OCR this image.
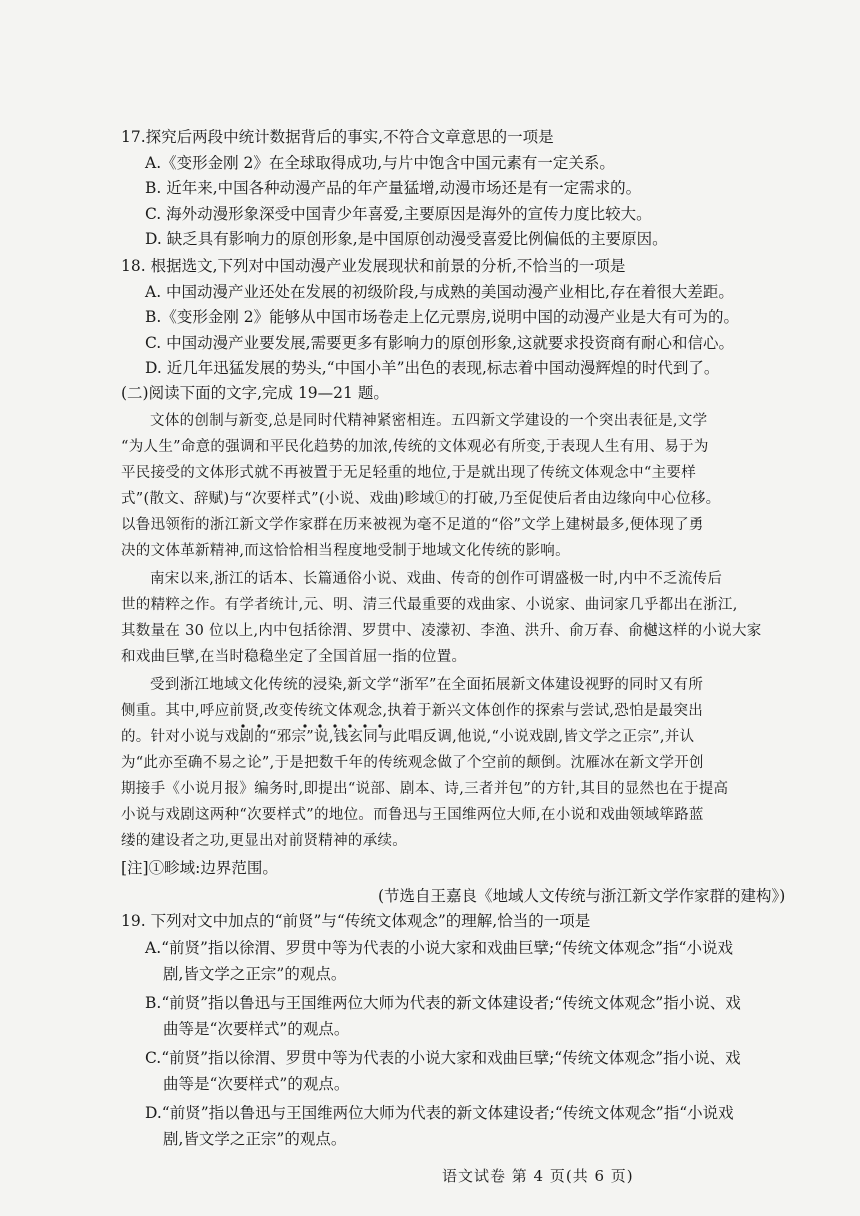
17.探究后两段中统计数据背后的事实,不符合文章意思的一项是
A.《变形金刚 2》在全球取得成功,与片中饱含中国元素有一定关系。
B. 近年来,中国各种动漫产品的年产量猛增,动漫市场还是有一定需求的。
C. 海外动漫形象深受中国青少年喜爱,主要原因是海外的宣传力度比较大。
D. 缺乏具有影响力的原创形象,是中国原创动漫受喜爱比例偏低的主要原因。
18. 根据选文,下列对中国动漫产业发展现状和前景的分析,不恰当的一项是
A. 中国动漫产业还处在发展的初级阶段,与成熟的美国动漫产业相比,存在着很大差距。
B.《变形金刚 2》能够从中国市场卷走上亿元票房,说明中国的动漫产业是大有可为的。
C. 中国动漫产业要发展,需要更多有影响力的原创形象,这就要求投资商有耐心和信心。
D. 近几年迅猛发展的势头,“中国小羊”出色的表现,标志着中国动漫辉煌的时代到了。
(二)阅读下面的文字,完成 19—21 题。
文体的创制与新变,总是同时代精神紧密相连。五四新文学建设的一个突出表征是,文学
“为人生”命意的强调和平民化趋势的加浓,传统的文体观必有所变,于表现人生有用、易于为
平民接受的文体形式就不再被置于无足轻重的地位,于是就出现了传统文体观念中“主要样
式”(散文、辞赋)与“次要样式”(小说、戏曲)畛域①的打破,乃至促使后者由边缘向中心位移。
以鲁迅领衔的浙江新文学作家群在历来被视为毫不足道的“俗”文学上建树最多,便体现了勇
决的文体革新精神,而这恰恰相当程度地受制于地域文化传统的影响。
南宋以来,浙江的话本、长篇通俗小说、戏曲、传奇的创作可谓盛极一时,内中不乏流传后
世的精粹之作。有学者统计,元、明、清三代最重要的戏曲家、小说家、曲词家几乎都出在浙江,
其数量在 30 位以上,内中包括徐渭、罗贯中、凌濛初、李渔、洪升、俞万春、俞樾这样的小说大家
和戏曲巨擘,在当时稳稳坐定了全国首屈一指的位置。
受到浙江地域文化传统的浸染,新文学“浙军”在全面拓展新文体建设视野的同时又有所
侧重。其中,呼应前贤,改变传统文体观念,执着于新兴文体创作的探索与尝试,恐怕是最突出
的。针对小说与戏剧的“邪宗”说,钱玄同与此唱反调,他说,“小说戏剧,皆文学之正宗”,并认
为“此亦至确不易之论”,于是把数千年的传统观念做了个空前的颠倒。沈雁冰在新文学开创
期接手《小说月报》编务时,即提出“说部、剧本、诗,三者并包”的方针,其目的显然也在于提高
小说与戏剧这两种“次要样式”的地位。而鲁迅与王国维两位大师,在小说和戏曲领域筚路蓝
缕的建设者之功,更显出对前贤精神的承续。
[注]①畛域:边界范围。
(节选自王嘉良《地域人文传统与浙江新文学作家群的建构》)
19. 下列对文中加点的“前贤”与“传统文体观念”的理解,恰当的一项是
A.“前贤”指以徐渭、罗贯中等为代表的小说大家和戏曲巨擘;“传统文体观念”指“小说戏
剧,皆文学之正宗”的观点。
B.“前贤”指以鲁迅与王国维两位大师为代表的新文体建设者;“传统文体观念”指小说、戏
曲等是“次要样式”的观点。
C.“前贤”指以徐渭、罗贯中等为代表的小说大家和戏曲巨擘;“传统文体观念”指小说、戏
曲等是“次要样式”的观点。
D.“前贤”指以鲁迅与王国维两位大师为代表的新文体建设者;“传统文体观念”指“小说戏
剧,皆文学之正宗”的观点。
语文试卷 第 4 页(共 6 页)
